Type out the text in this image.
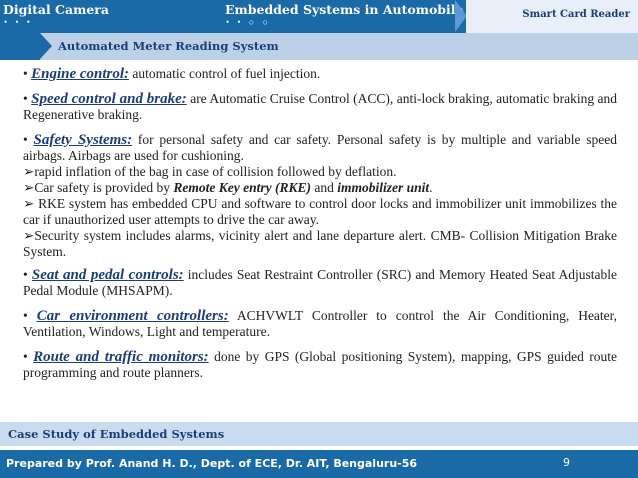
Digital Camera
• • •
Embedded Systems in Automobile
• • ○ ○
Smart Card Reader
Automated Meter Reading System

• Engine control: automatic control of fuel injection.

• Speed control and brake: are Automatic Cruise Control (ACC), anti-lock braking, automatic braking and Regenerative braking.

• Safety Systems: for personal safety and car safety. Personal safety is by multiple and variable speed airbags. Airbags are used for cushioning.

➢rapid inflation of the bag in case of collision followed by deflation.

➢Car safety is provided by Remote Key entry (RKE) and immobilizer unit.

➢ RKE system has embedded CPU and software to control door locks and immobilizer unit immobilizes the car if unauthorized user attempts to drive the car away.

➢Security system includes alarms, vicinity alert and lane departure alert. CMB- Collision Mitigation Brake System.

• Seat and pedal controls: includes Seat Restraint Controller (SRC) and Memory Heated Seat Adjustable Pedal Module (MHSAPM).

• Car environment controllers: ACHVWLT Controller to control the Air Conditioning, Heater, Ventilation, Windows, Light and temperature.

• Route and traffic monitors: done by GPS (Global positioning System), mapping, GPS guided route programming and route planners.

Case Study of Embedded Systems
Prepared by Prof. Anand H. D., Dept. of ECE, Dr. AIT, Bengaluru-56	9
